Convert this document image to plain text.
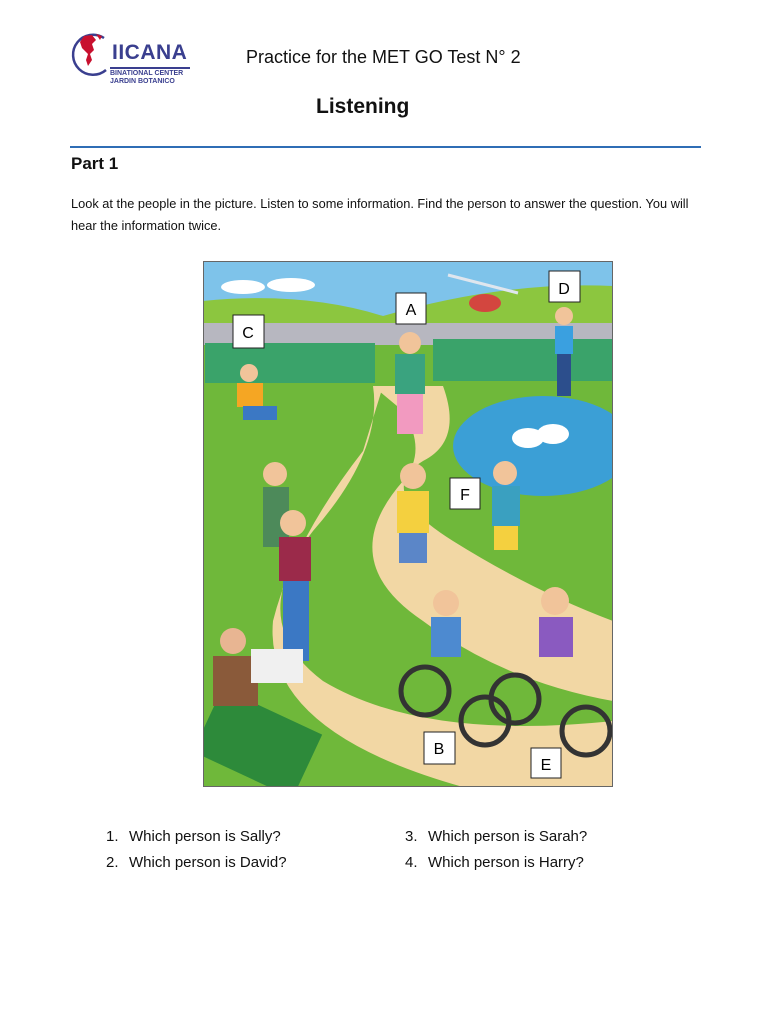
IICANA
BINATIONAL CENTER
JARDIN BOTANICO
Practice for the MET GO Test N° 2
Listening
Part 1
Look at the people in the picture. Listen to some information. Find the person to answer the question. You will hear the information twice.
A
B
C
D
E
F
1. Which person is Sally?
2. Which person is David?
3. Which person is Sarah?
4. Which person is Harry?
